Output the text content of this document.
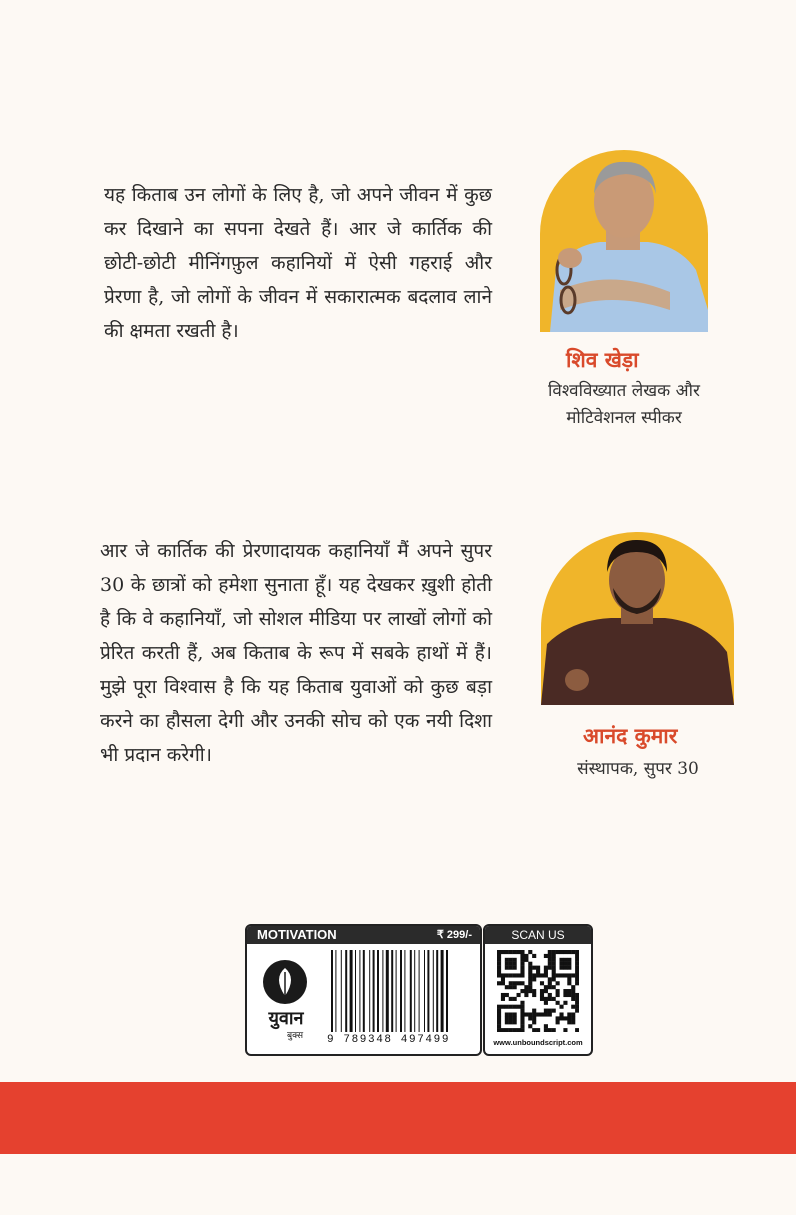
यह किताब उन लोगों के लिए है, जो अपने जीवन में कुछ कर दिखाने का सपना देखते हैं। आर जे कार्तिक की छोटी-छोटी मीनिंगफ़ुल कहानियों में ऐसी गहराई और प्रेरणा है, जो लोगों के जीवन में सकारात्मक बदलाव लाने की क्षमता रखती है।

शिव खेड़ा

विश्वविख्यात लेखक और
मोटिवेशनल स्पीकर

आर जे कार्तिक की प्रेरणादायक कहानियाँ मैं अपने सुपर 30 के छात्रों को हमेशा सुनाता हूँ। यह देखकर ख़ुशी होती है कि वे कहानियाँ, जो सोशल मीडिया पर लाखों लोगों को प्रेरित करती हैं, अब किताब के रूप में सबके हाथों में हैं। मुझे पूरा विश्वास है कि यह किताब युवाओं को कुछ बड़ा करने का हौसला देगी और उनकी सोच को एक नयी दिशा भी प्रदान करेगी।

आनंद कुमार

संस्थापक, सुपर 30

MOTIVATION	₹ 299/-
युवान
बुक्स 9 789348 497499
SCAN US
www.unboundscript.com
